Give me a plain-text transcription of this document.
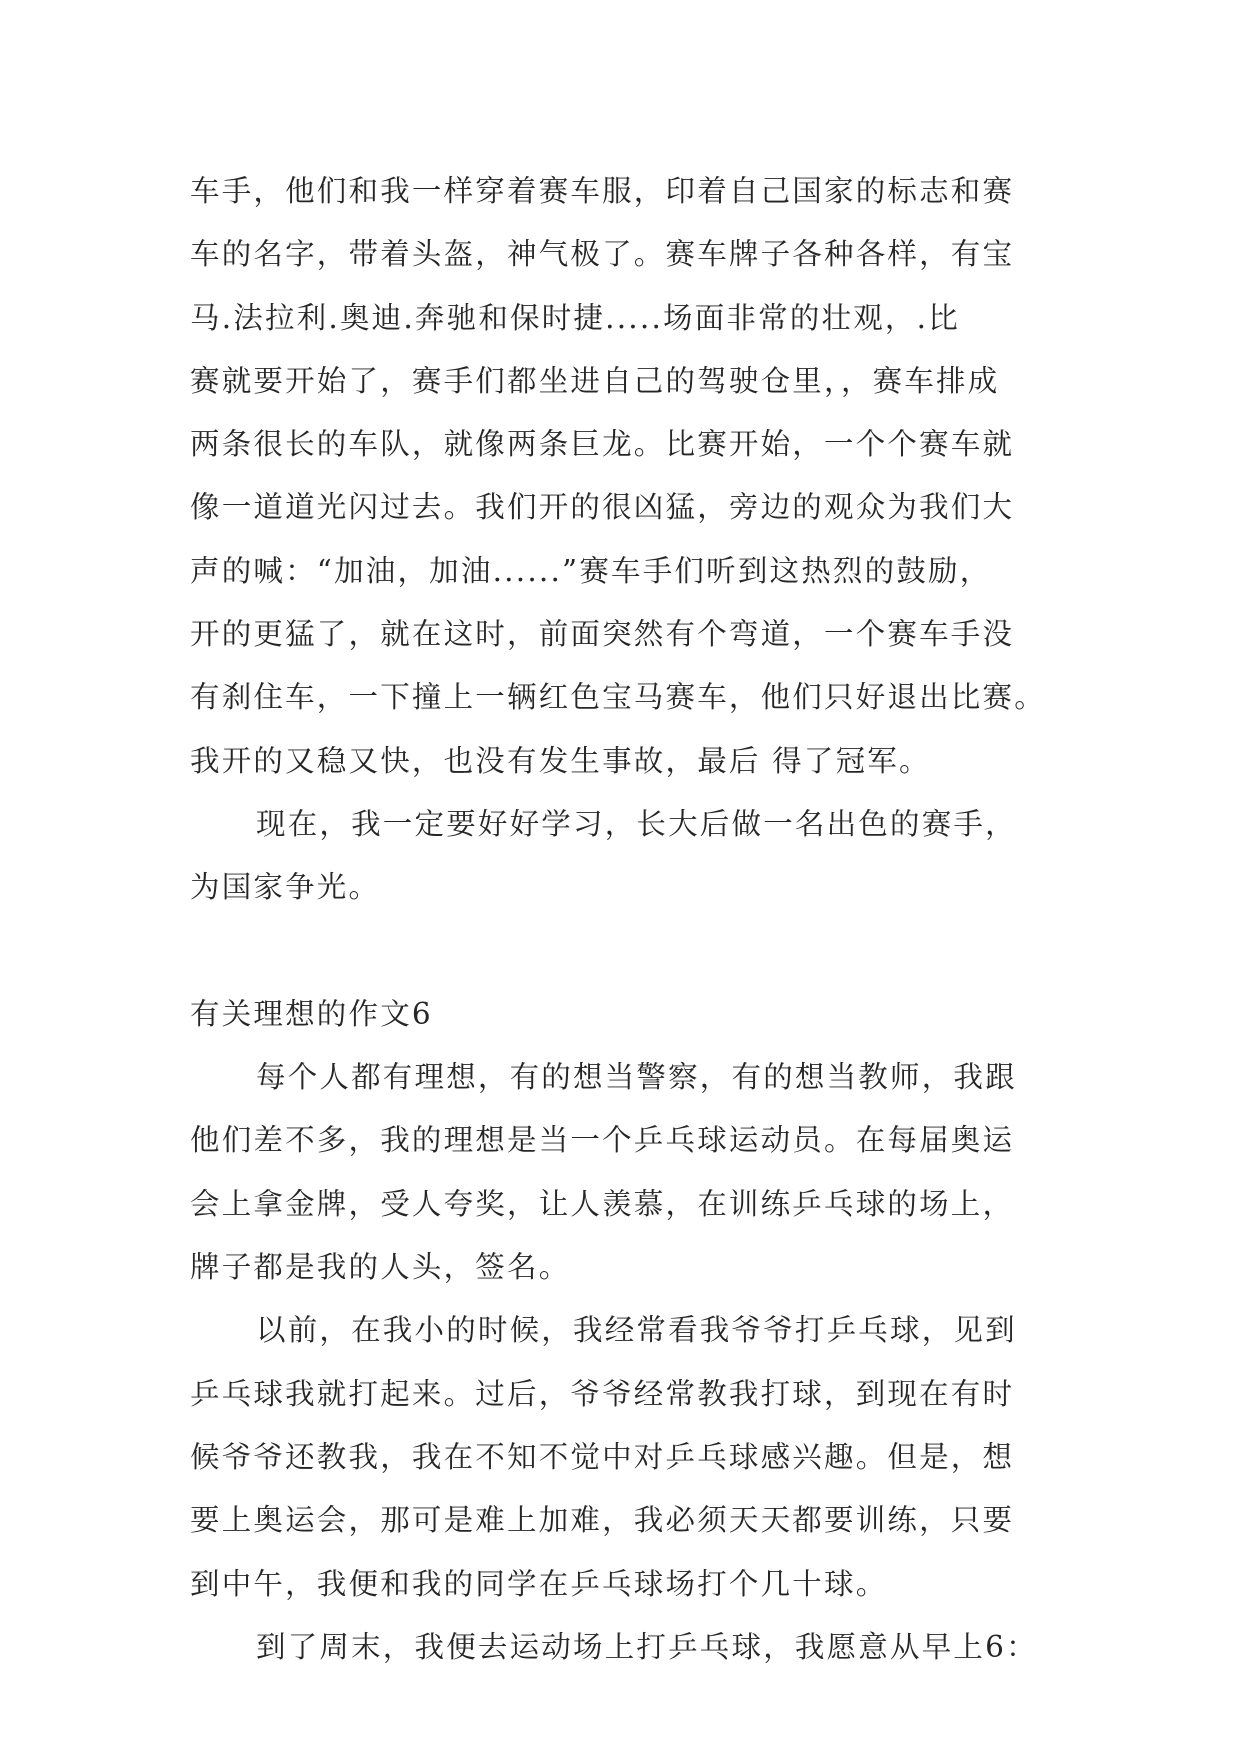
车手，他们和我一样穿着赛车服，印着自己国家的标志和赛
车的名字，带着头盔，神气极了。赛车牌子各种各样，有宝
马.法拉利.奥迪.奔驰和保时捷.....场面非常的壮观，.比
赛就要开始了，赛手们都坐进自己的驾驶仓里，，赛车排成
两条很长的车队，就像两条巨龙。比赛开始，一个个赛车就
像一道道光闪过去。我们开的很凶猛，旁边的观众为我们大
声的喊：“加油，加油......”赛车手们听到这热烈的鼓励，
开的更猛了，就在这时，前面突然有个弯道，一个赛车手没
有刹住车，一下撞上一辆红色宝马赛车，他们只好退出比赛。
我开的又稳又快，也没有发生事故，最后 得了冠军。
现在，我一定要好好学习，长大后做一名出色的赛手，
为国家争光。
有关理想的作文6
每个人都有理想，有的想当警察，有的想当教师，我跟
他们差不多，我的理想是当一个乒乓球运动员。在每届奥运
会上拿金牌，受人夸奖，让人羡慕，在训练乒乓球的场上，
牌子都是我的人头，签名。
以前，在我小的时候，我经常看我爷爷打乒乓球，见到
乒乓球我就打起来。过后，爷爷经常教我打球，到现在有时
候爷爷还教我，我在不知不觉中对乒乓球感兴趣。但是，想
要上奥运会，那可是难上加难，我必须天天都要训练，只要
到中午，我便和我的同学在乒乓球场打个几十球。
到了周末，我便去运动场上打乒乓球，我愿意从早上6：
